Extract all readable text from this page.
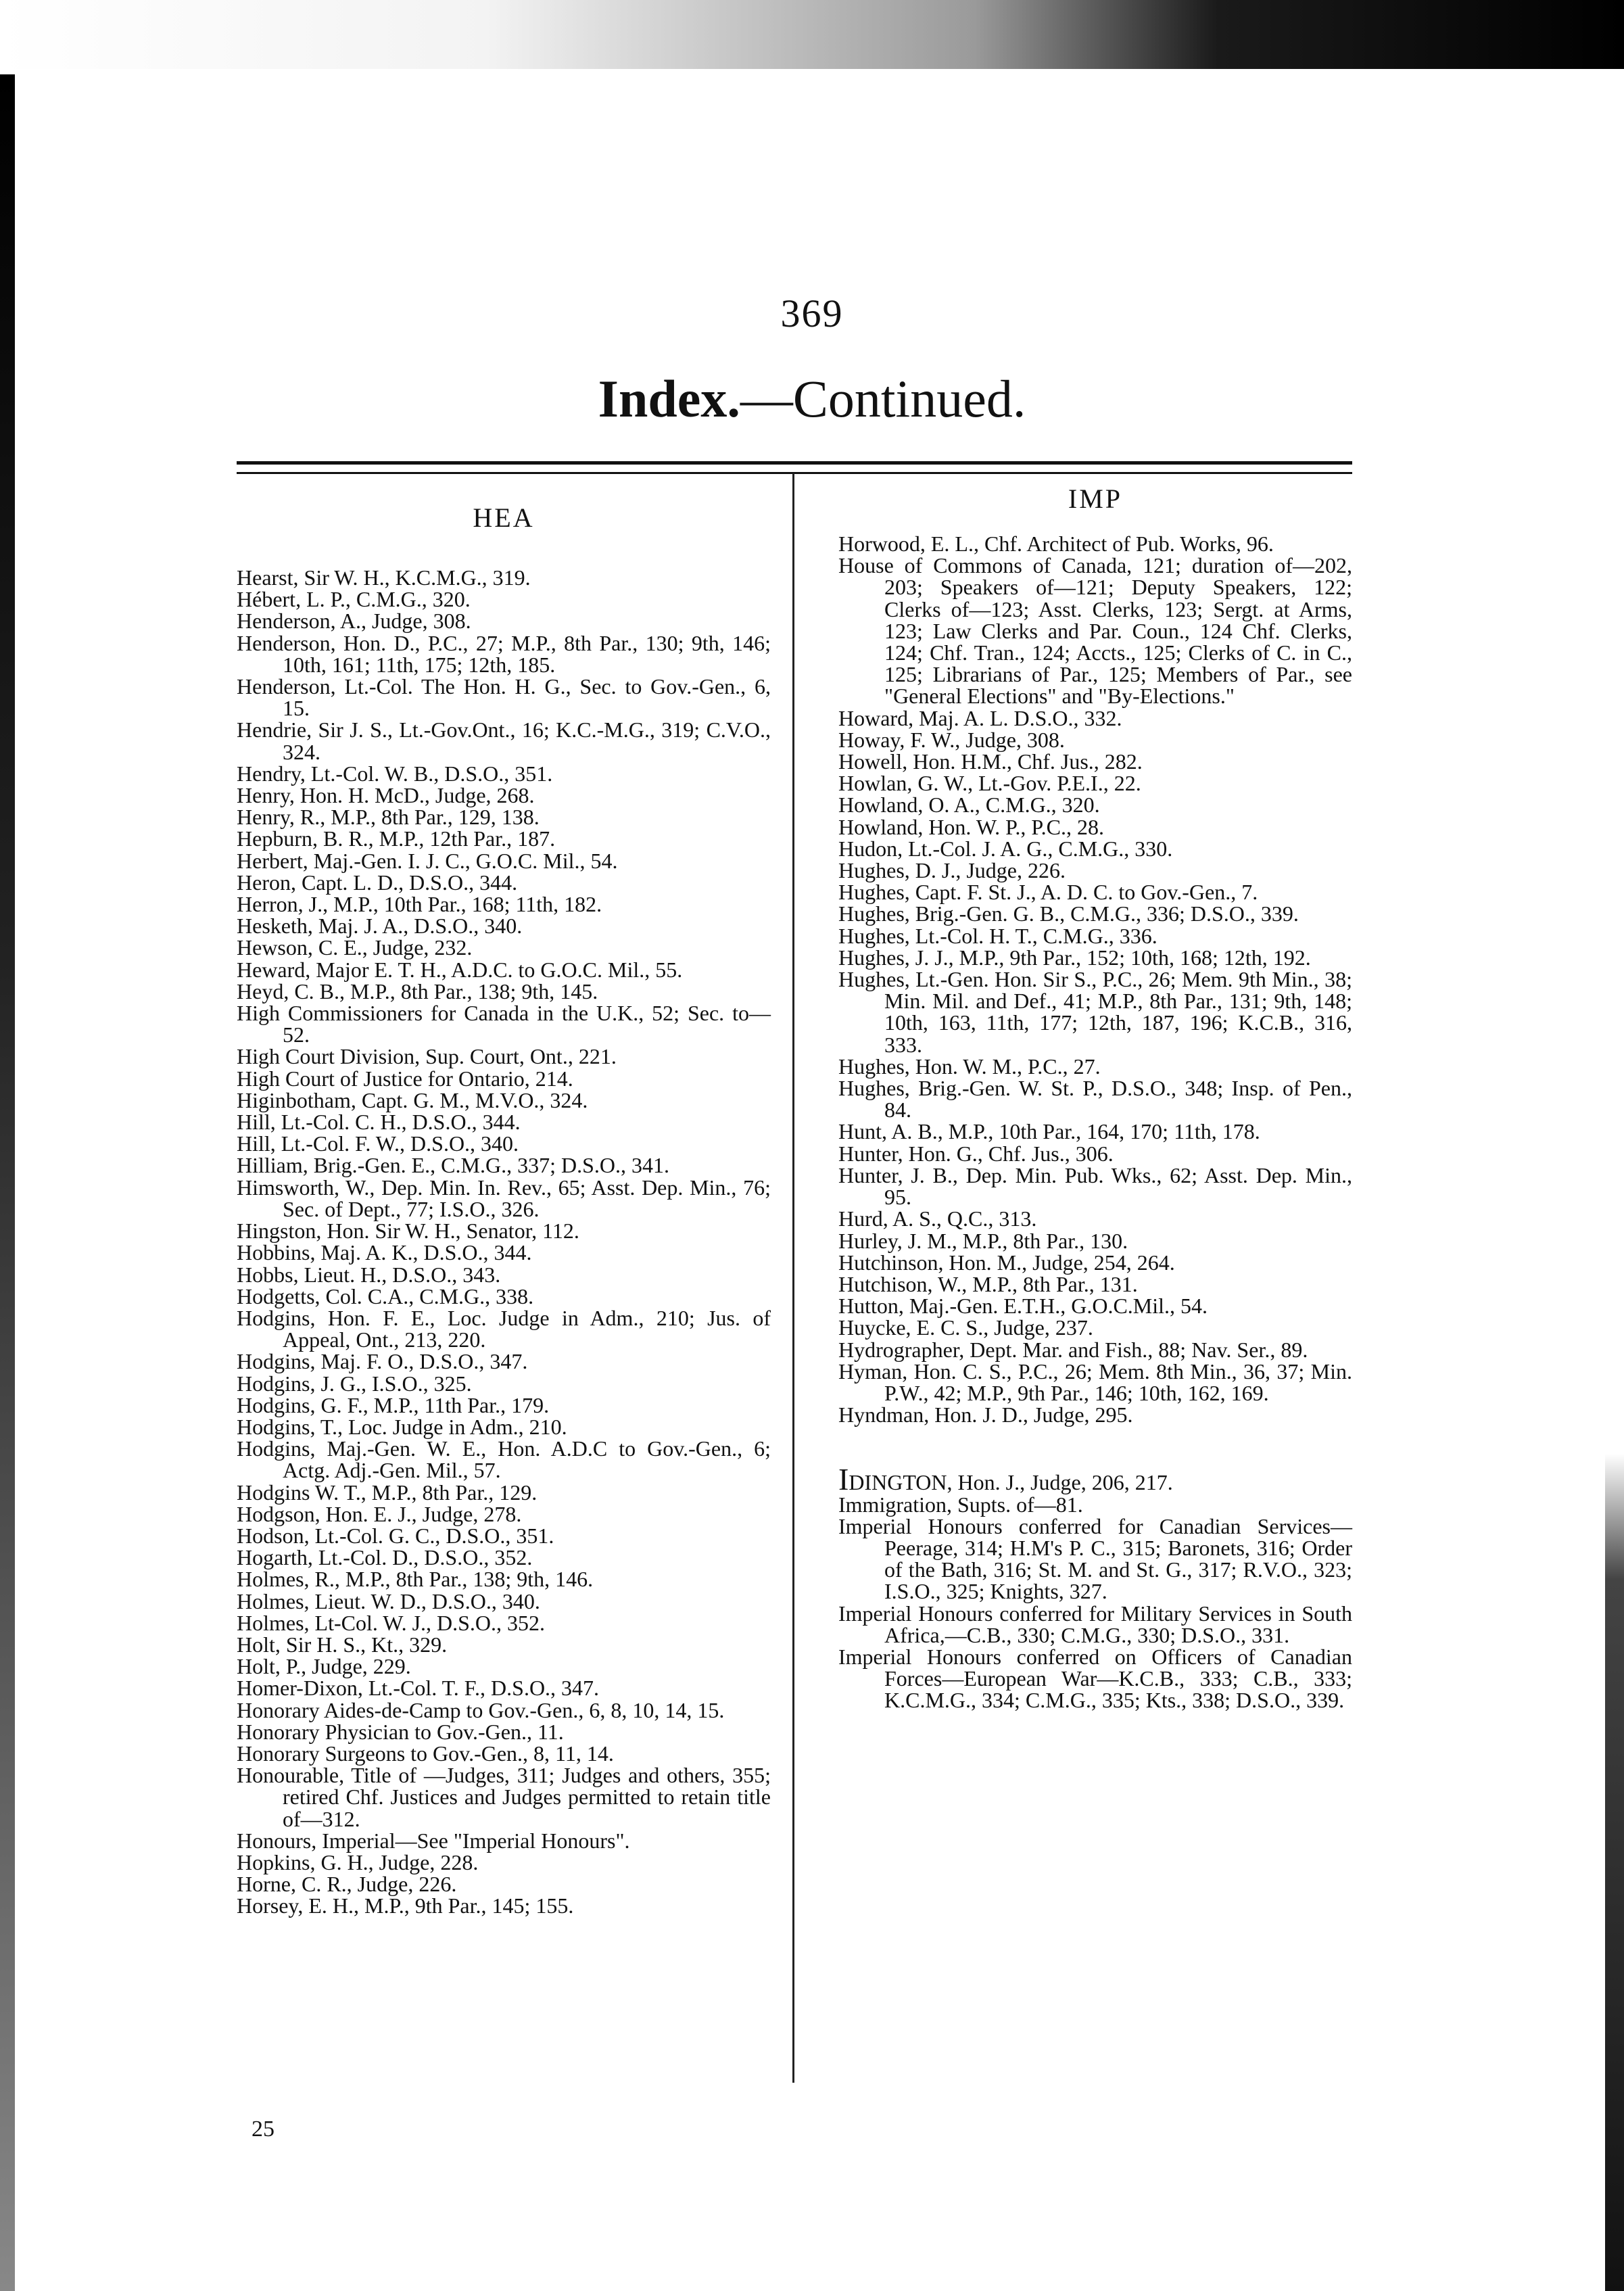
369
Index.—Continued.
HEA
Hearst, Sir W. H., K.C.M.G., 319.
Hébert, L. P., C.M.G., 320.
Henderson, A., Judge, 308.
Henderson, Hon. D., P.C., 27; M.P., 8th Par., 130; 9th, 146; 10th, 161; 11th, 175; 12th, 185.
Henderson, Lt.-Col. The Hon. H. G., Sec. to Gov.-Gen., 6, 15.
Hendrie, Sir J. S., Lt.-Gov.Ont., 16; K.C.-M.G., 319; C.V.O., 324.
Hendry, Lt.-Col. W. B., D.S.O., 351.
Henry, Hon. H. McD., Judge, 268.
Henry, R., M.P., 8th Par., 129, 138.
Hepburn, B. R., M.P., 12th Par., 187.
Herbert, Maj.-Gen. I. J. C., G.O.C. Mil., 54.
Heron, Capt. L. D., D.S.O., 344.
Herron, J., M.P., 10th Par., 168; 11th, 182.
Hesketh, Maj. J. A., D.S.O., 340.
Hewson, C. E., Judge, 232.
Heward, Major E. T. H., A.D.C. to G.O.C. Mil., 55.
Heyd, C. B., M.P., 8th Par., 138; 9th, 145.
High Commissioners for Canada in the U.K., 52; Sec. to—52.
High Court Division, Sup. Court, Ont., 221.
High Court of Justice for Ontario, 214.
Higinbotham, Capt. G. M., M.V.O., 324.
Hill, Lt.-Col. C. H., D.S.O., 344.
Hill, Lt.-Col. F. W., D.S.O., 340.
Hilliam, Brig.-Gen. E., C.M.G., 337; D.S.O., 341.
Himsworth, W., Dep. Min. In. Rev., 65; Asst. Dep. Min., 76; Sec. of Dept., 77; I.S.O., 326.
Hingston, Hon. Sir W. H., Senator, 112.
Hobbins, Maj. A. K., D.S.O., 344.
Hobbs, Lieut. H., D.S.O., 343.
Hodgetts, Col. C.A., C.M.G., 338.
Hodgins, Hon. F. E., Loc. Judge in Adm., 210; Jus. of Appeal, Ont., 213, 220.
Hodgins, Maj. F. O., D.S.O., 347.
Hodgins, J. G., I.S.O., 325.
Hodgins, G. F., M.P., 11th Par., 179.
Hodgins, T., Loc. Judge in Adm., 210.
Hodgins, Maj.-Gen. W. E., Hon. A.D.C to Gov.-Gen., 6; Actg. Adj.-Gen. Mil., 57.
Hodgins W. T., M.P., 8th Par., 129.
Hodgson, Hon. E. J., Judge, 278.
Hodson, Lt.-Col. G. C., D.S.O., 351.
Hogarth, Lt.-Col. D., D.S.O., 352.
Holmes, R., M.P., 8th Par., 138; 9th, 146.
Holmes, Lieut. W. D., D.S.O., 340.
Holmes, Lt-Col. W. J., D.S.O., 352.
Holt, Sir H. S., Kt., 329.
Holt, P., Judge, 229.
Homer-Dixon, Lt.-Col. T. F., D.S.O., 347.
Honorary Aides-de-Camp to Gov.-Gen., 6, 8, 10, 14, 15.
Honorary Physician to Gov.-Gen., 11.
Honorary Surgeons to Gov.-Gen., 8, 11, 14.
Honourable, Title of —Judges, 311; Judges and others, 355; retired Chf. Justices and Judges permitted to retain title of—312.
Honours, Imperial—See "Imperial Honours".
Hopkins, G. H., Judge, 228.
Horne, C. R., Judge, 226.
Horsey, E. H., M.P., 9th Par., 145; 155.
IMP
Horwood, E. L., Chf. Architect of Pub. Works, 96.
House of Commons of Canada, 121; duration of—202, 203; Speakers of—121; Deputy Speakers, 122; Clerks of—123; Asst. Clerks, 123; Sergt. at Arms, 123; Law Clerks and Par. Coun., 124 Chf. Clerks, 124; Chf. Tran., 124; Accts., 125; Clerks of C. in C., 125; Librarians of Par., 125; Members of Par., see "General Elections" and "By-Elections."
Howard, Maj. A. L. D.S.O., 332.
Howay, F. W., Judge, 308.
Howell, Hon. H.M., Chf. Jus., 282.
Howlan, G. W., Lt.-Gov. P.E.I., 22.
Howland, O. A., C.M.G., 320.
Howland, Hon. W. P., P.C., 28.
Hudon, Lt.-Col. J. A. G., C.M.G., 330.
Hughes, D. J., Judge, 226.
Hughes, Capt. F. St. J., A. D. C. to Gov.-Gen., 7.
Hughes, Brig.-Gen. G. B., C.M.G., 336; D.S.O., 339.
Hughes, Lt.-Col. H. T., C.M.G., 336.
Hughes, J. J., M.P., 9th Par., 152; 10th, 168; 12th, 192.
Hughes, Lt.-Gen. Hon. Sir S., P.C., 26; Mem. 9th Min., 38; Min. Mil. and Def., 41; M.P., 8th Par., 131; 9th, 148; 10th, 163, 11th, 177; 12th, 187, 196; K.C.B., 316, 333.
Hughes, Hon. W. M., P.C., 27.
Hughes, Brig.-Gen. W. St. P., D.S.O., 348; Insp. of Pen., 84.
Hunt, A. B., M.P., 10th Par., 164, 170; 11th, 178.
Hunter, Hon. G., Chf. Jus., 306.
Hunter, J. B., Dep. Min. Pub. Wks., 62; Asst. Dep. Min., 95.
Hurd, A. S., Q.C., 313.
Hurley, J. M., M.P., 8th Par., 130.
Hutchinson, Hon. M., Judge, 254, 264.
Hutchison, W., M.P., 8th Par., 131.
Hutton, Maj.-Gen. E.T.H., G.O.C.Mil., 54.
Huycke, E. C. S., Judge, 237.
Hydrographer, Dept. Mar. and Fish., 88; Nav. Ser., 89.
Hyman, Hon. C. S., P.C., 26; Mem. 8th Min., 36, 37; Min. P.W., 42; M.P., 9th Par., 146; 10th, 162, 169.
Hyndman, Hon. J. D., Judge, 295.
IDINGTON, Hon. J., Judge, 206, 217.
Immigration, Supts. of—81.
Imperial Honours conferred for Canadian Services—Peerage, 314; H.M's P. C., 315; Baronets, 316; Order of the Bath, 316; St. M. and St. G., 317; R.V.O., 323; I.S.O., 325; Knights, 327.
Imperial Honours conferred for Military Services in South Africa,—C.B., 330; C.M.G., 330; D.S.O., 331.
Imperial Honours conferred on Officers of Canadian Forces—European War—K.C.B., 333; C.B., 333; K.C.M.G., 334; C.M.G., 335; Kts., 338; D.S.O., 339.
25
